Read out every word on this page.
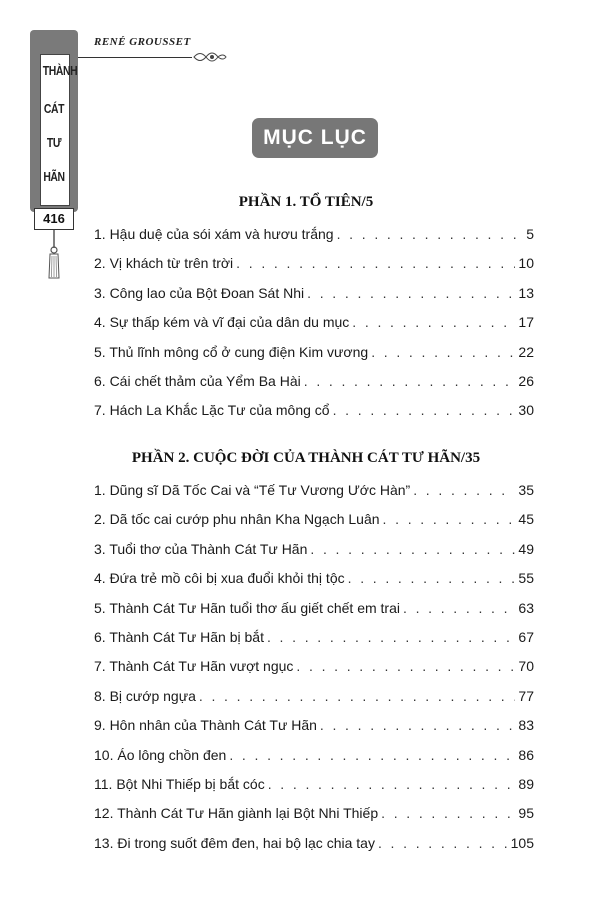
THÀNH
CÁT
TƯ
HÃN
416
RENÉ GROUSSET
MỤC LỤC
PHẦN 1. TỔ TIÊN/5
1. Hậu duệ của sói xám và hươu trắng . . .	5
2. Vị khách từ trên trời . . .	10
3. Công lao của Bột Đoan Sát Nhi . . .	13
4. Sự thấp kém và vĩ đại của dân du mục . . .	17
5. Thủ lĩnh mông cổ ở cung điện Kim vương . . .	22
6. Cái chết thảm của Yểm Ba Hài . . .	26
7. Hách La Khắc Lặc Tư của mông cổ . . .	30
PHẦN 2. CUỘC ĐỜI CỦA THÀNH CÁT TƯ HÃN/35
1. Dũng sĩ Dã Tốc Cai và “Tế Tư Vương Ước Hàn” . . .	35
2. Dã tốc cai cướp phu nhân Kha Ngạch Luân . . .	45
3. Tuổi thơ của Thành Cát Tư Hãn . . .	49
4. Đứa trẻ mồ côi bị xua đuổi khỏi thị tộc . . .	55
5. Thành Cát Tư Hãn tuổi thơ ấu giết chết em trai . . .	63
6. Thành Cát Tư Hãn bị bắt . . .	67
7. Thành Cát Tư Hãn vượt ngục . . .	70
8. Bị cướp ngựa . . .	77
9. Hôn nhân của Thành Cát Tư Hãn . . .	83
10. Áo lông chồn đen . . .	86
11. Bột Nhi Thiếp bị bắt cóc . . .	89
12. Thành Cát Tư Hãn giành lại Bột Nhi Thiếp . . .	95
13. Đi trong suốt đêm đen, hai bộ lạc chia tay . . .	105
